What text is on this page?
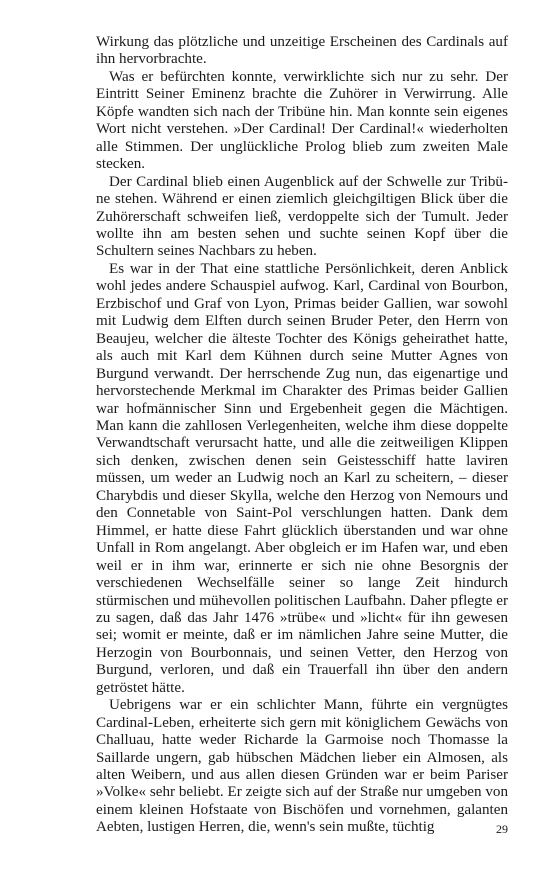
Wirkung das plötzliche und unzeitige Erscheinen des Cardinals auf ihn hervorbrachte.

Was er befürchten konnte, verwirklichte sich nur zu sehr. Der Eintritt Seiner Eminenz brachte die Zuhörer in Verwirrung. Alle Köpfe wandten sich nach der Tribüne hin. Man konnte sein eigenes Wort nicht verstehen. »Der Cardinal! Der Cardinal!« wiederholten alle Stimmen. Der unglückliche Prolog blieb zum zweiten Male stecken.

Der Cardinal blieb einen Augenblick auf der Schwelle zur Tribüne stehen. Während er einen ziemlich gleichgiltigen Blick über die Zuhörerschaft schweifen ließ, verdoppelte sich der Tumult. Jeder wollte ihn am besten sehen und suchte seinen Kopf über die Schultern seines Nachbars zu heben.

Es war in der That eine stattliche Persönlichkeit, deren Anblick wohl jedes andere Schauspiel aufwog. Karl, Cardinal von Bourbon, Erzbischof und Graf von Lyon, Primas beider Gallien, war sowohl mit Ludwig dem Elften durch seinen Bruder Peter, den Herrn von Beaujeu, welcher die älteste Tochter des Königs geheirathet hatte, als auch mit Karl dem Kühnen durch seine Mutter Agnes von Burgund verwandt. Der herrschende Zug nun, das eigenartige und hervorstechende Merkmal im Charakter des Primas beider Gallien war hofmännischer Sinn und Ergebenheit gegen die Mächtigen. Man kann die zahllosen Verlegenheiten, welche ihm diese doppelte Verwandtschaft verursacht hatte, und alle die zeitweiligen Klippen sich denken, zwischen denen sein Geistesschiff hatte laviren müssen, um weder an Ludwig noch an Karl zu scheitern, – dieser Charybdis und dieser Skylla, welche den Herzog von Nemours und den Connetable von Saint-Pol verschlungen hatten. Dank dem Himmel, er hatte diese Fahrt glücklich überstanden und war ohne Unfall in Rom angelangt. Aber obgleich er im Hafen war, und eben weil er in ihm war, erinnerte er sich nie ohne Besorgnis der verschiedenen Wechselfälle seiner so lange Zeit hindurch stürmischen und mühevollen politischen Laufbahn. Daher pflegte er zu sagen, daß das Jahr 1476 »trübe« und »licht« für ihn gewesen sei; womit er meinte, daß er im nämlichen Jahre seine Mutter, die Herzogin von Bourbonnais, und seinen Vetter, den Herzog von Burgund, verloren, und daß ein Trauerfall ihn über den andern getröstet hätte.

Uebrigens war er ein schlichter Mann, führte ein vergnügtes Cardinal-Leben, erheiterte sich gern mit königlichem Gewächs von Challuau, hatte weder Richarde la Garmoise noch Thomasse la Saillarde ungern, gab hübschen Mädchen lieber ein Almosen, als alten Weibern, und aus allen diesen Gründen war er beim Pariser »Volke« sehr beliebt. Er zeigte sich auf der Straße nur umgeben von einem kleinen Hofstaate von Bischöfen und vornehmen, galanten Aebten, lustigen Herren, die, wenn's sein mußte, tüchtig	29
